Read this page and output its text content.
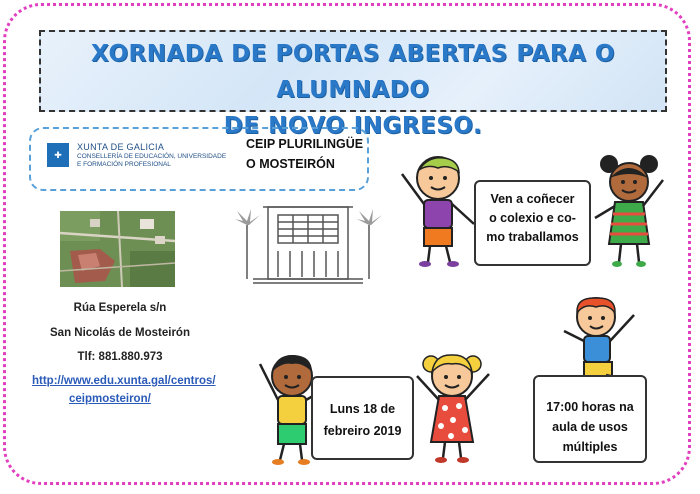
XORNADA DE PORTAS ABERTAS PARA O ALUMNADO
DE NOVO INGRESO.
✚
XUNTA DE GALICIA
CONSELLERÍA DE EDUCACIÓN, UNIVERSIDADE
E FORMACIÓN PROFESIONAL
CEIP PLURILINGÜE
O MOSTEIRÓN
Rúa Esperela s/n
San Nicolás de Mosteirón
Tlf: 881.880.973
http://www.edu.xunta.gal/centros/
ceipmosteiron/
Ven a coñecer
o colexio e co-
mo traballamos
Luns 18 de
febreiro 2019
17:00 horas na
aula de usos
múltiples
